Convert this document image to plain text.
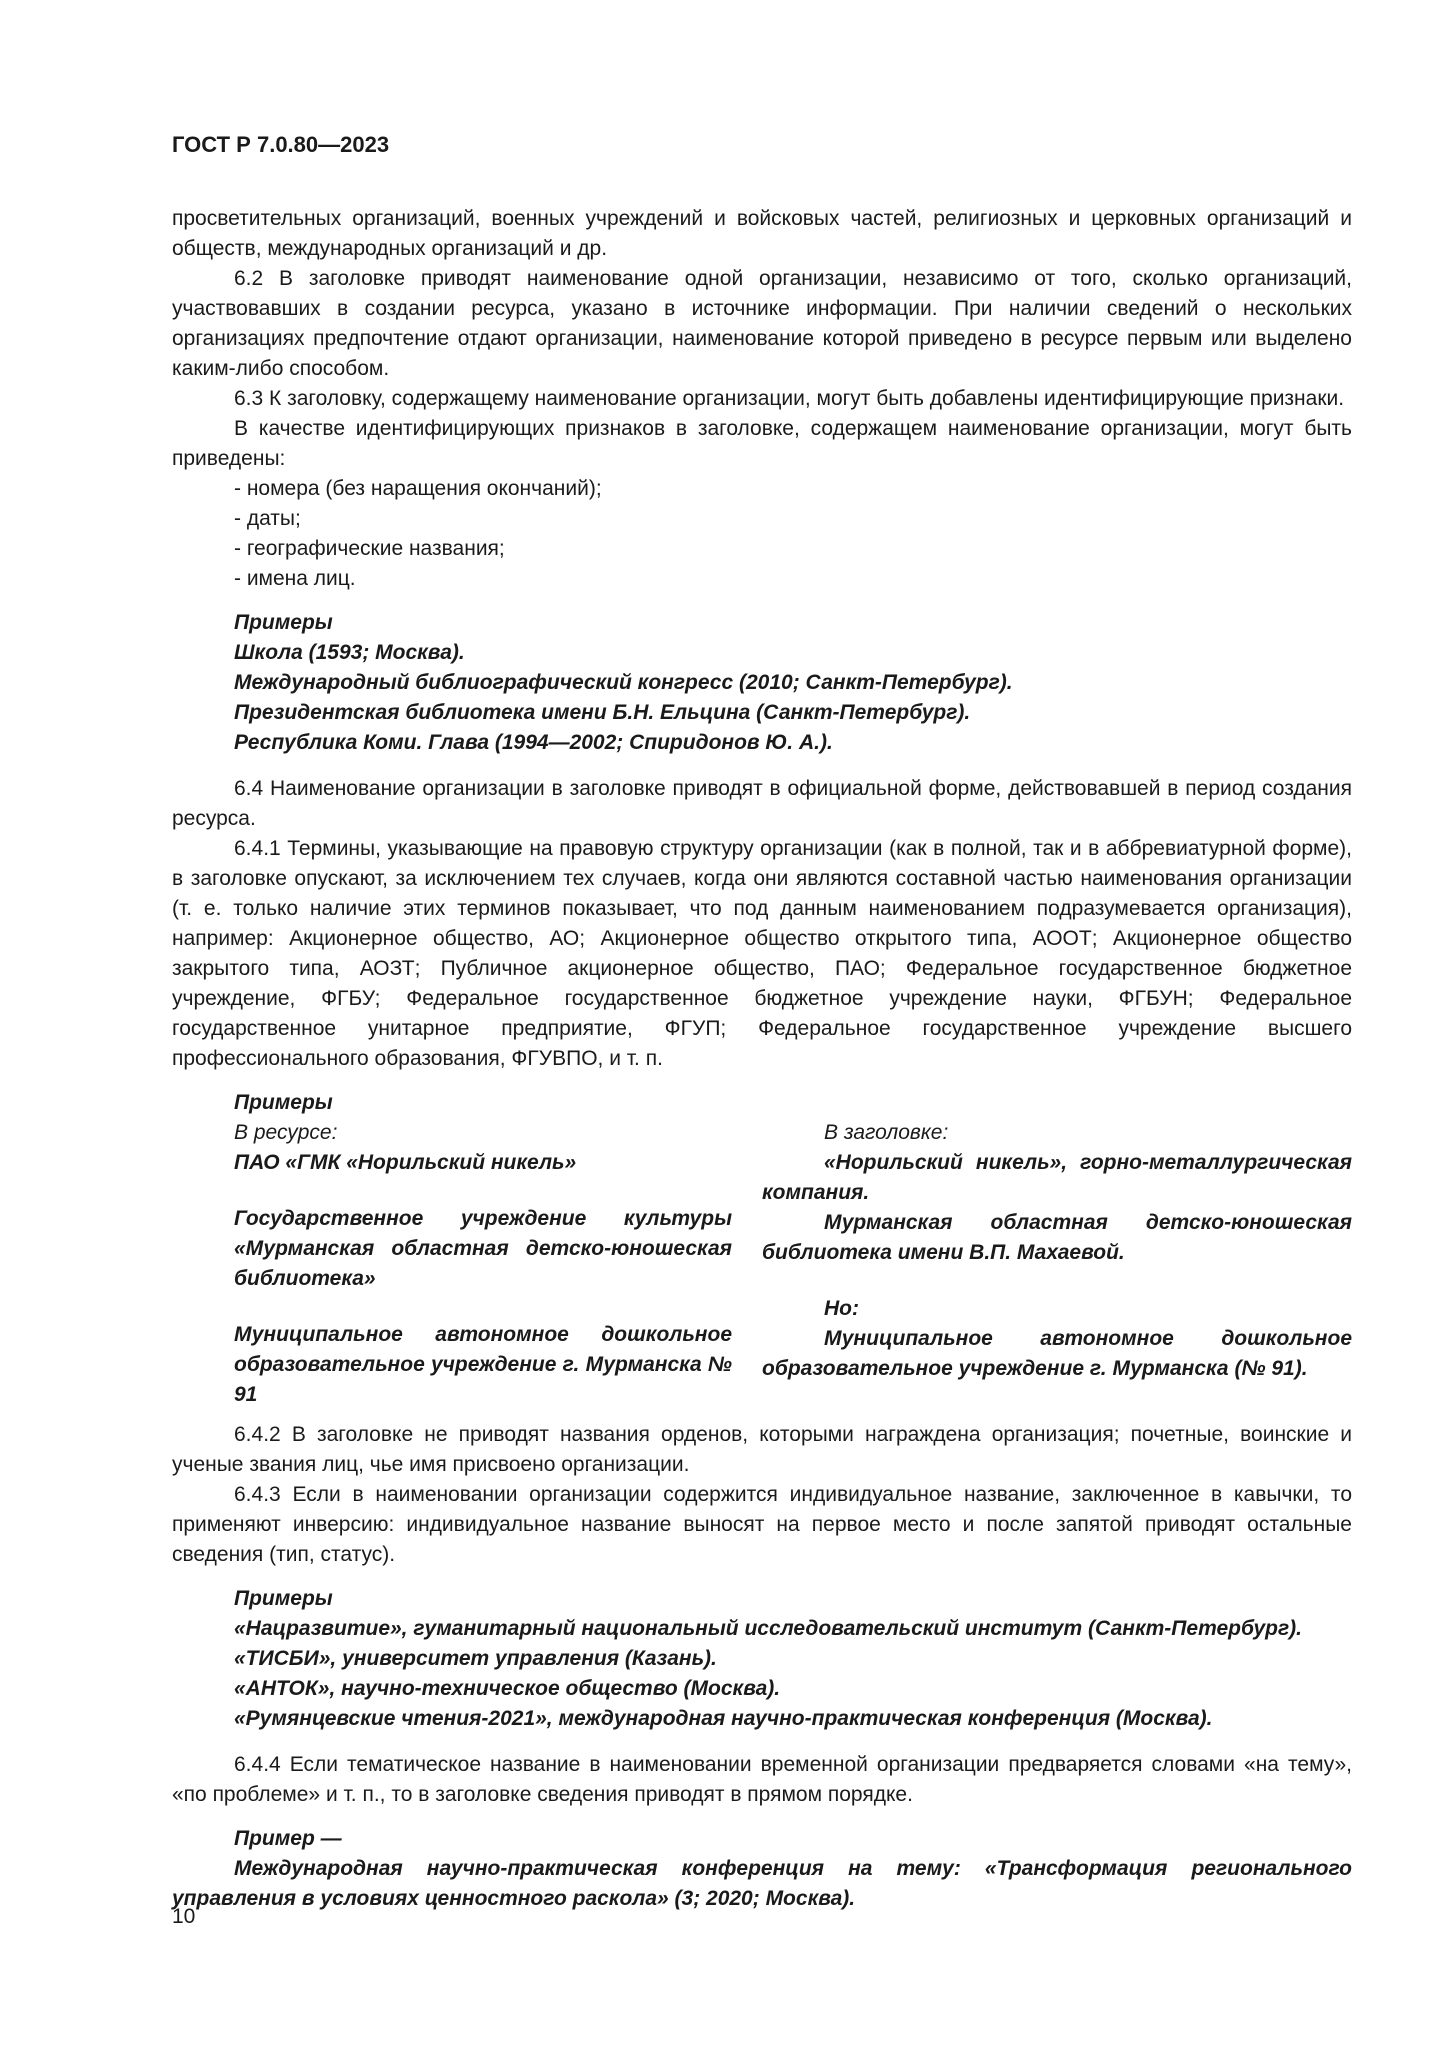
ГОСТ Р 7.0.80—2023

просветительных организаций, военных учреждений и войсковых частей, религиозных и церковных организаций и обществ, международных организаций и др.

6.2 В заголовке приводят наименование одной организации, независимо от того, сколько организаций, участвовавших в создании ресурса, указано в источнике информации. При наличии сведений о нескольких организациях предпочтение отдают организации, наименование которой приведено в ресурсе первым или выделено каким-либо способом.

6.3 К заголовку, содержащему наименование организации, могут быть добавлены идентифицирующие признаки.

В качестве идентифицирующих признаков в заголовке, содержащем наименование организации, могут быть приведены:

- номера (без наращения окончаний);
- даты;
- географические названия;
- имена лиц.
Примеры
Школа (1593; Москва).
Международный библиографический конгресс (2010; Санкт-Петербург).
Президентская библиотека имени Б.Н. Ельцина (Санкт-Петербург).
Республика Коми. Глава (1994—2002; Спиридонов Ю. А.).

6.4 Наименование организации в заголовке приводят в официальной форме, действовавшей в период создания ресурса.

6.4.1 Термины, указывающие на правовую структуру организации (как в полной, так и в аббревиатурной форме), в заголовке опускают, за исключением тех случаев, когда они являются составной частью наименования организации (т. е. только наличие этих терминов показывает, что под данным наименованием подразумевается организация), например: Акционерное общество, АО; Акционерное общество открытого типа, АООТ; Акционерное общество закрытого типа, АОЗТ; Публичное акционерное общество, ПАО; Федеральное государственное бюджетное учреждение, ФГБУ; Федеральное государственное бюджетное учреждение науки, ФГБУН; Федеральное государственное унитарное предприятие, ФГУП; Федеральное государственное учреждение высшего профессионального образования, ФГУВПО, и т. п.

Примеры
В ресурсе:
ПАО «ГМК «Норильский никель»
Государственное учреждение культуры «Мурманская областная детско-юношеская библиотека»
Муниципальное автономное дошкольное образовательное учреждение г. Мурманска № 91
В заголовке:
«Норильский никель», горно-металлургическая компания.
Мурманская областная детско-юношеская библиотека имени В.П. Махаевой.
Но:
Муниципальное автономное дошкольное образовательное учреждение г. Мурманска (№ 91).

6.4.2 В заголовке не приводят названия орденов, которыми награждена организация; почетные, воинские и ученые звания лиц, чье имя присвоено организации.

6.4.3 Если в наименовании организации содержится индивидуальное название, заключенное в кавычки, то применяют инверсию: индивидуальное название выносят на первое место и после запятой приводят остальные сведения (тип, статус).

Примеры
«Нацразвитие», гуманитарный национальный исследовательский институт (Санкт-Петербург).
«ТИСБИ», университет управления (Казань).
«АНТОК», научно-техническое общество (Москва).
«Румянцевские чтения-2021», международная научно-практическая конференция (Москва).

6.4.4 Если тематическое название в наименовании временной организации предваряется словами «на тему», «по проблеме» и т. п., то в заголовке сведения приводят в прямом порядке.

Пример —

Международная научно-практическая конференция на тему: «Трансформация регионального управления в условиях ценностного раскола» (3; 2020; Москва).

10
